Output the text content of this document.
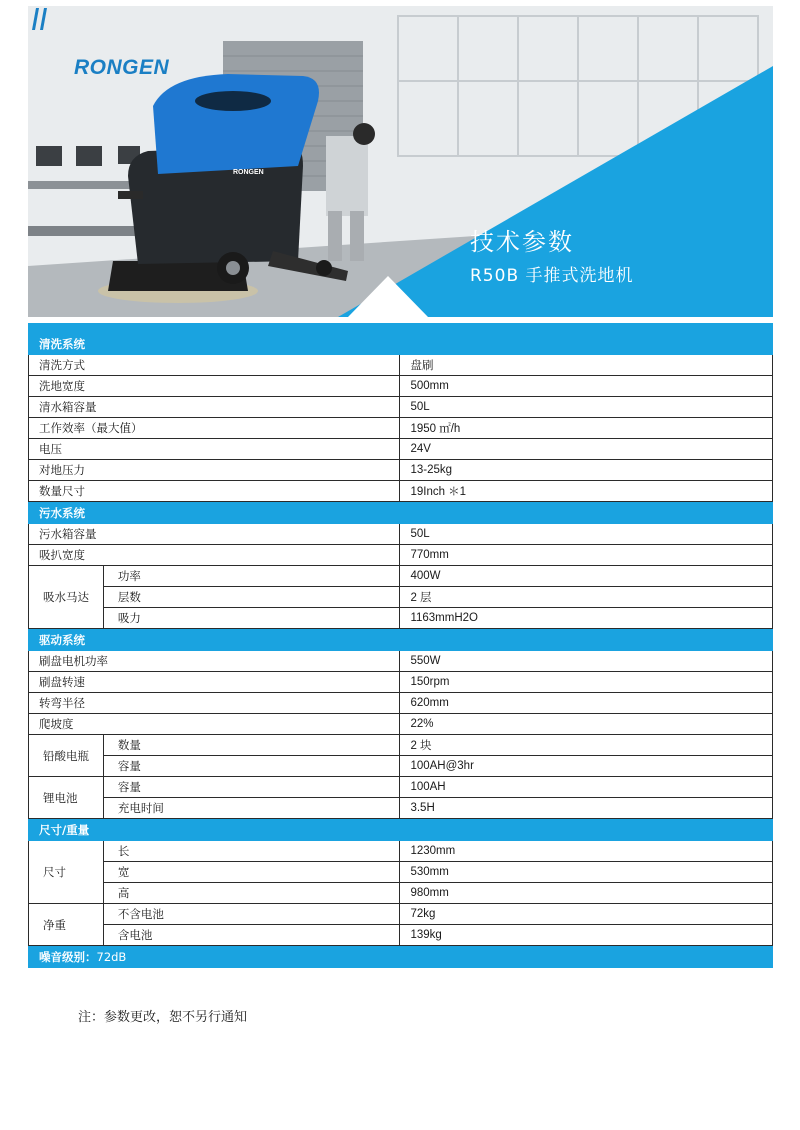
RONGEN
RONGEN
技术参数
R50B 手推式洗地机

清洗系统		
清洗方式		盘刷
洗地宽度		500mm
清水箱容量		50L
工作效率（最大值）		1950 ㎡/h
电压		24V
对地压力		13-25kg
数量尺寸		19Inch ＊1
污水系统		
污水箱容量		50L
吸扒宽度		770mm
吸水马达	功率	400W
	层数	2 层
	吸力	1163mmH2O
驱动系统		
刷盘电机功率		550W
刷盘转速		150rpm
转弯半径		620mm
爬坡度		22%
铅酸电瓶	数量	2 块
	容量	100AH@3hr
锂电池	容量	100AH
	充电时间	3.5H
尺寸/重量		
尺寸	长	1230mm
	宽	530mm
	高	980mm
净重	不含电池	72kg
	含电池	139kg
噪音级别：72dB		
注：参数更改，恕不另行通知
